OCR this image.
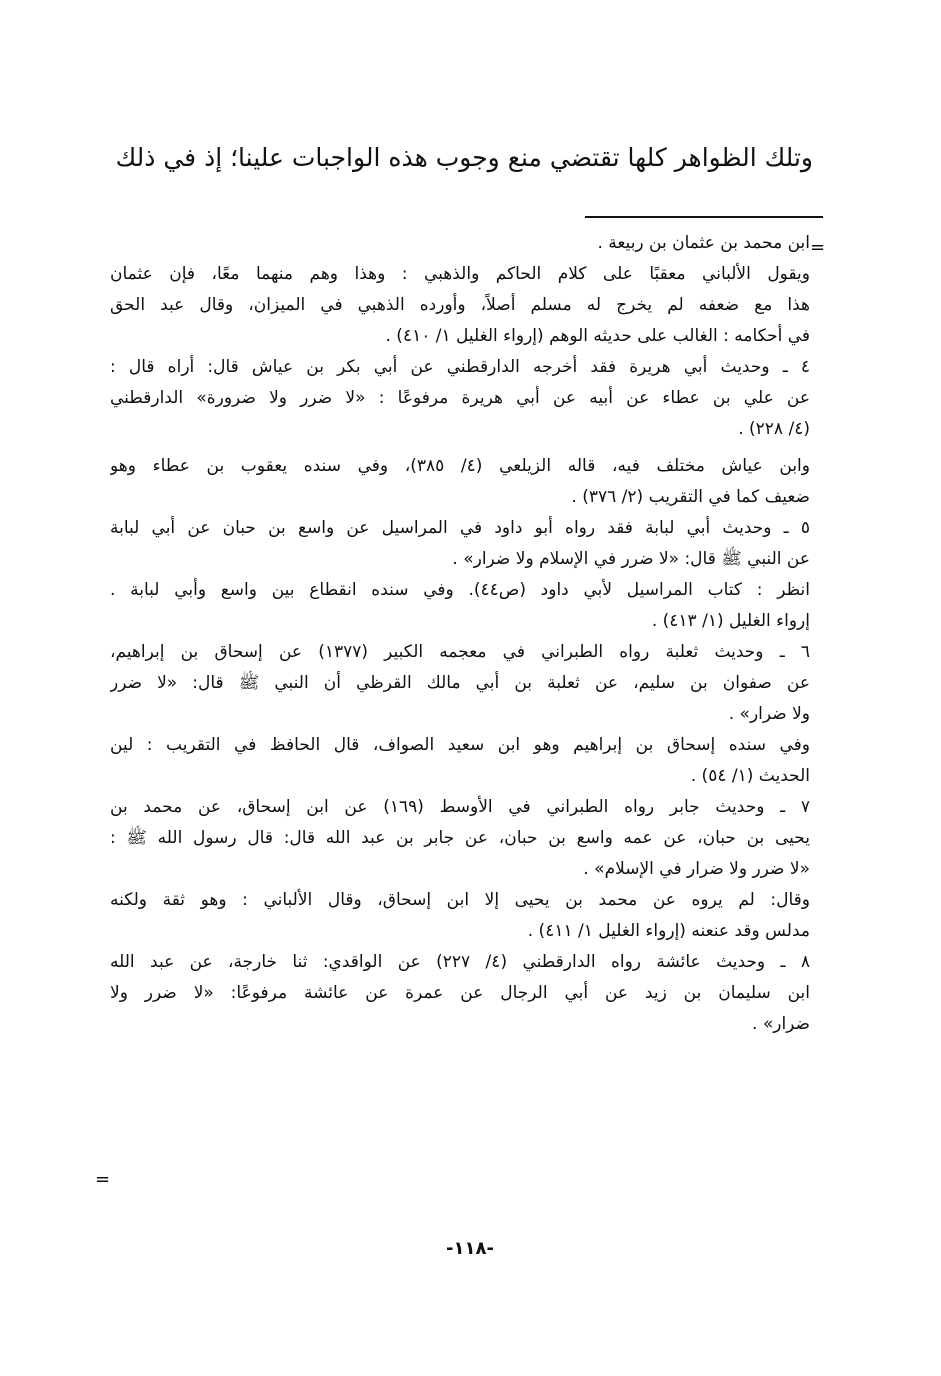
وتلك الظواهر كلها تقتضي منع وجوب هذه الواجبات علينا؛ إذ في ذلك
=
ابن محمد بن عثمان بن ربيعة .
ويقول الألباني معقبًا على كلام الحاكم والذهبي : وهذا وهم منهما معًا، فإن عثمان
هذا مع ضعفه لم يخرج له مسلم أصلاً، وأورده الذهبي في الميزان، وقال عبد الحق
في أحكامه : الغالب على حديثه الوهم (إرواء الغليل ١/ ٤١٠) .
٤ ـ وحديث أبي هريرة فقد أخرجه الدارقطني عن أبي بكر بن عياش قال: أراه قال :
عن علي بن عطاء عن أبيه عن أبي هريرة مرفوعًا : «لا ضرر ولا ضرورة» الدارقطني
(٤/ ٢٢٨) .
وابن عياش مختلف فيه، قاله الزيلعي (٤/ ٣٨٥)، وفي سنده يعقوب بن عطاء وهو
ضعيف كما في التقريب (٢/ ٣٧٦) .
٥ ـ وحديث أبي لبابة فقد رواه أبو داود في المراسيل عن واسع بن حبان عن أبي لبابة
عن النبي ﷺ قال: «لا ضرر في الإسلام ولا ضرار» .
انظر : كتاب المراسيل لأبي داود (ص٤٤). وفي سنده انقطاع بين واسع وأبي لبابة .
إرواء الغليل (١/ ٤١٣) .
٦ ـ وحديث ثعلبة رواه الطبراني في معجمه الكبير (١٣٧٧) عن إسحاق بن إبراهيم،
عن صفوان بن سليم، عن ثعلبة بن أبي مالك القرظي أن النبي ﷺ قال: «لا ضرر
ولا ضرار» .
وفي سنده إسحاق بن إبراهيم وهو ابن سعيد الصواف، قال الحافظ في التقريب : لين
الحديث (١/ ٥٤) .
٧ ـ وحديث جابر رواه الطبراني في الأوسط (١٦٩) عن ابن إسحاق، عن محمد بن
يحيى بن حبان، عن عمه واسع بن حبان، عن جابر بن عبد الله قال: قال رسول الله ﷺ :
«لا ضرر ولا ضرار في الإسلام» .
وقال: لم يروه عن محمد بن يحيى إلا ابن إسحاق، وقال الألباني : وهو ثقة ولكنه
مدلس وقد عنعنه (إرواء الغليل ١/ ٤١١) .
٨ ـ وحديث عائشة رواه الدارقطني (٤/ ٢٢٧) عن الواقدي: ثنا خارجة، عن عبد الله
ابن سليمان بن زيد عن أبي الرجال عن عمرة عن عائشة مرفوعًا: «لا ضرر ولا
ضرار» .
=
-١١٨-
